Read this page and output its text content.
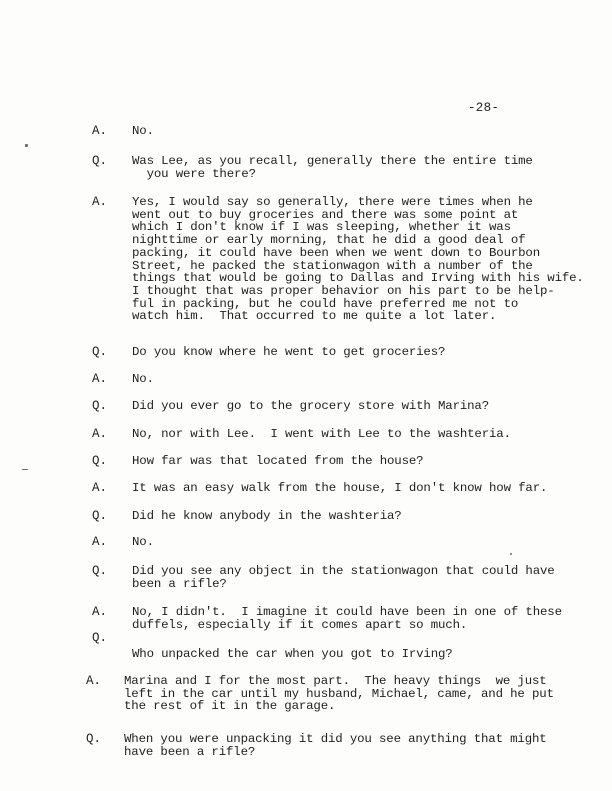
-28-
A. No.
Q. Was Lee, as you recall, generally there the entire time
you were there?
A. Yes, I would say so generally, there were times when he
went out to buy groceries and there was some point at
which I don't know if I was sleeping, whether it was
nighttime or early morning, that he did a good deal of
packing, it could have been when we went down to Bourbon
Street, he packed the stationwagon with a number of the
things that would be going to Dallas and Irving with his wife.
I thought that was proper behavior on his part to be help-
ful in packing, but he could have preferred me not to
watch him.  That occurred to me quite a lot later.
Q. Do you know where he went to get groceries?
A. No.
Q. Did you ever go to the grocery store with Marina?
A. No, nor with Lee.  I went with Lee to the washteria.
Q. How far was that located from the house?
A. It was an easy walk from the house, I don't know how far.
Q. Did he know anybody in the washteria?
A. No.
Q. Did you see any object in the stationwagon that could have
been a rifle?
A. No, I didn't.  I imagine it could have been in one of these
duffels, especially if it comes apart so much.
Q.
Who unpacked the car when you got to Irving?
A. Marina and I for the most part.  The heavy things  we just
left in the car until my husband, Michael, came, and he put
the rest of it in the garage.
Q. When you were unpacking it did you see anything that might
have been a rifle?
